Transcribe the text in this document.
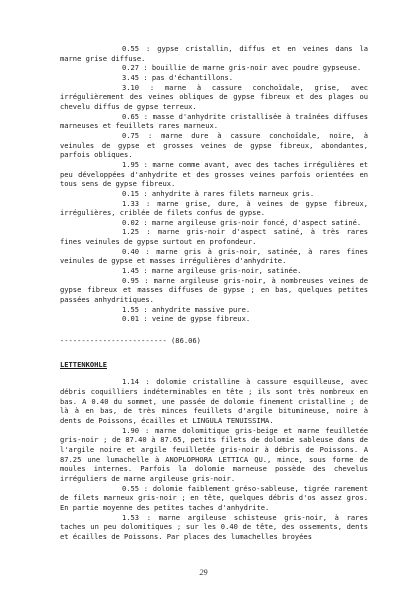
0.55 : gypse cristallin, diffus et en veines dans la marne grise diffuse.

0.27 : bouillie de marne gris-noir avec poudre gypseuse.

3.45 : pas d'échantillons.

3.10 : marne à cassure conchoïdale, grise, avec irrégulièrement des veines obliques de gypse fibreux et des plages ou chevelu diffus de gypse terreux.

0.65 : masse d'anhydrite cristallisée à traînées diffuses marneuses et feuillets rares marneux.

0.75 : marne dure à cassure conchoïdale, noire, à veinules de gypse et grosses veines de gypse fibreux, abondantes, parfois obliques.

1.95 : marne comme avant, avec des taches irrégulières et peu développées d'anhydrite et des grosses veines parfois orientées en tous sens de gypse fibreux.

0.15 : anhydrite à rares filets marneux gris.

1.33 : marne grise, dure, à veines de gypse fibreux, irrégulières, criblée de filets confus de gypse.

0.02 : marne argileuse gris-noir foncé, d'aspect satiné.

1.25 : marne gris-noir d'aspect satiné, à très rares fines veinules de gypse surtout en profondeur.

0.40 : marne gris à gris-noir, satinée, à rares fines veinules de gypse et masses irrégulières d'anhydrite.

1.45 : marne argileuse gris-noir, satinée.

0.95 : marne argileuse gris-noir, à nombreuses veines de gypse fibreux et masses diffuses de gypse ; en bas, quelques petites passées anhydritiques.

1.55 : anhydrite massive pure.

0.01 : veine de gypse fibreux.

------------------------- (86.06)
LETTENKOHLE

1.14 : dolomie cristalline à cassure esquilleuse, avec débris coquilliers indéterminables en tête ; ils sont très nombreux en bas. A 0.40 du sommet, une passée de dolomie finement cristalline ; de là à en bas, de très minces feuillets d'argile bitumineuse, noire à dents de Poissons, écailles et LINGULA TENUISSIMA.

1.90 : marne dolomitique gris-beige et marne feuilletée gris-noir ; de 87.40 à 87.65, petits filets de dolomie sableuse dans de l'argile noire et argile feuilletée gris-noir à débris de Poissons. A 87.25 une lumachelle à ANOPLOPHORA LETTICA QU., mince, sous forme de moules internes. Parfois la dolomie marneuse possède des chevelus irréguliers de marne argileuse gris-noir.

0.55 : dolomie faiblement gréso-sableuse, tigrée rarement de filets marneux gris-noir ; en tête, quelques débris d'os assez gros. En partie moyenne des petites taches d'anhydrite.

1.53 : marne argileuse schisteuse gris-noir, à rares taches un peu dolomitiques ; sur les 0.40 de tête, des ossements, dents et écailles de Poissons. Par places des lumachelles broyées

29
